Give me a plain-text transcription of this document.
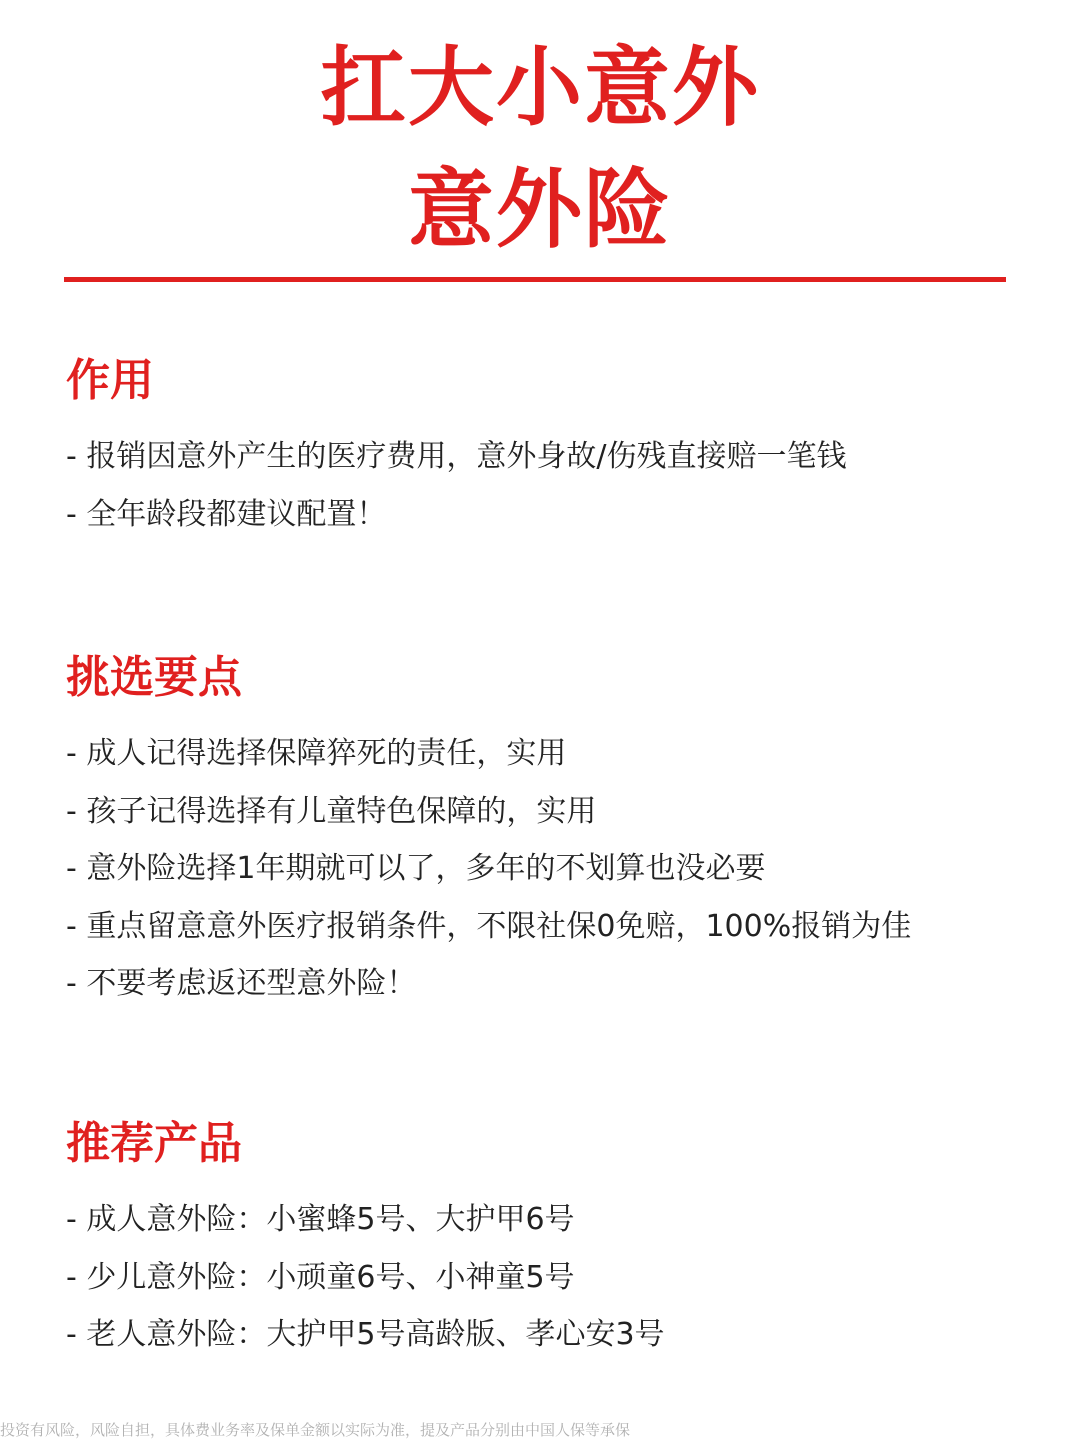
扛大小意外
意外险
作用
- 报销因意外产生的医疗费用，意外身故/伤残直接赔一笔钱
- 全年龄段都建议配置！
挑选要点
- 成人记得选择保障猝死的责任，实用
- 孩子记得选择有儿童特色保障的，实用
- 意外险选择1年期就可以了，多年的不划算也没必要
- 重点留意意外医疗报销条件，不限社保0免赔，100%报销为佳
- 不要考虑返还型意外险！
推荐产品
- 成人意外险：小蜜蜂5号、大护甲6号
- 少儿意外险：小顽童6号、小神童5号
- 老人意外险：大护甲5号高龄版、孝心安3号
投资有风险，风险自担，具体费业务率及保单金额以实际为准，提及产品分别由中国人保等承保
